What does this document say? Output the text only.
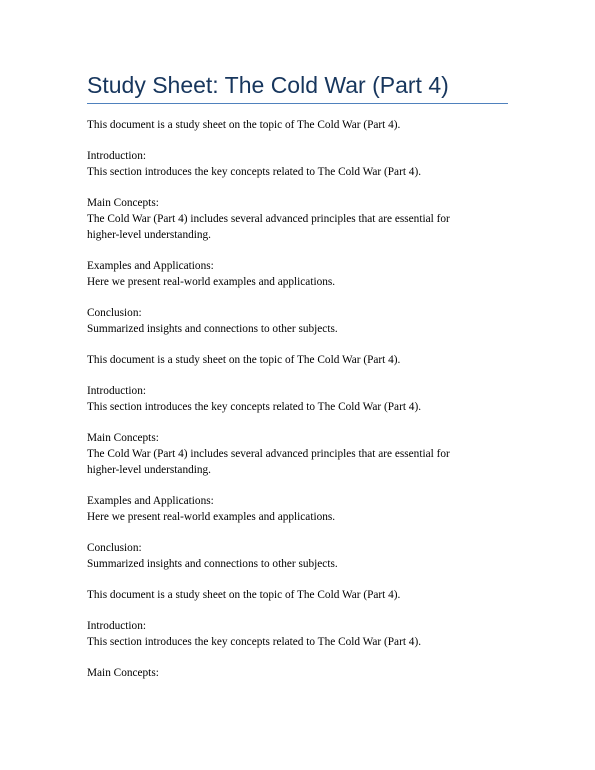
Study Sheet: The Cold War (Part 4)
This document is a study sheet on the topic of The Cold War (Part 4).
Introduction:
This section introduces the key concepts related to The Cold War (Part 4).
Main Concepts:
The Cold War (Part 4) includes several advanced principles that are essential for
higher-level understanding.
Examples and Applications:
Here we present real-world examples and applications.
Conclusion:
Summarized insights and connections to other subjects.
This document is a study sheet on the topic of The Cold War (Part 4).
Introduction:
This section introduces the key concepts related to The Cold War (Part 4).
Main Concepts:
The Cold War (Part 4) includes several advanced principles that are essential for
higher-level understanding.
Examples and Applications:
Here we present real-world examples and applications.
Conclusion:
Summarized insights and connections to other subjects.
This document is a study sheet on the topic of The Cold War (Part 4).
Introduction:
This section introduces the key concepts related to The Cold War (Part 4).
Main Concepts:
